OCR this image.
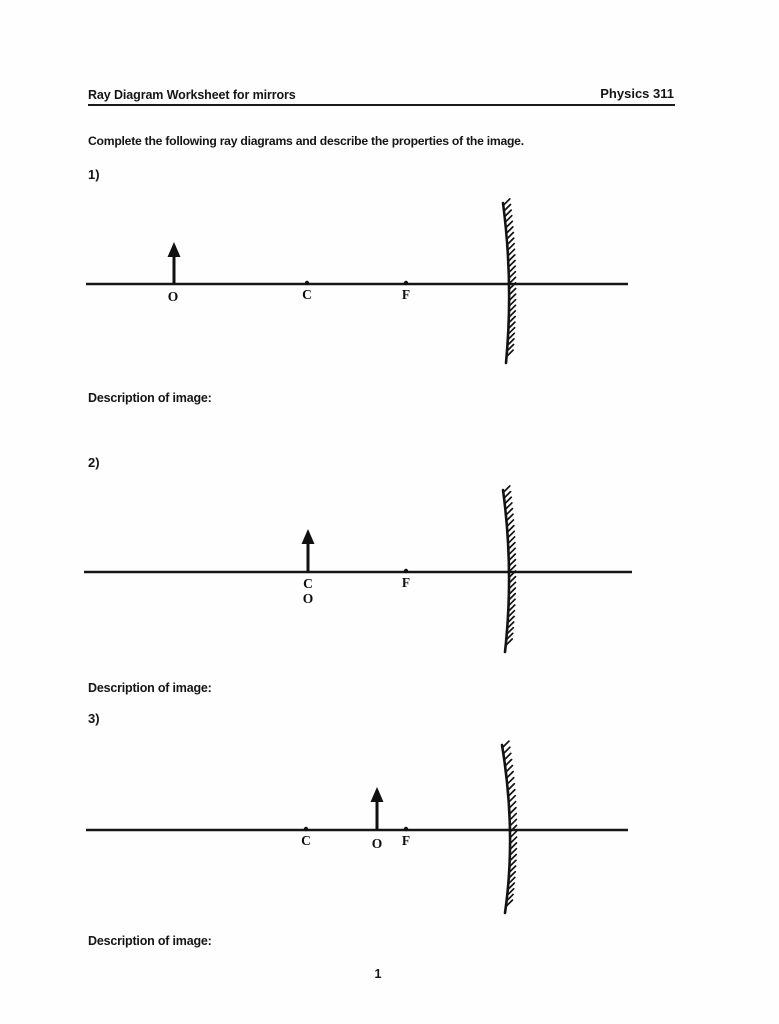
Ray Diagram Worksheet for mirrors	Physics 311
Complete the following ray diagrams and describe the properties of the image.
1)
2)
3)
Description of image:
Description of image:
Description of image:
O	C	F
C
O
F
C	O F
1
